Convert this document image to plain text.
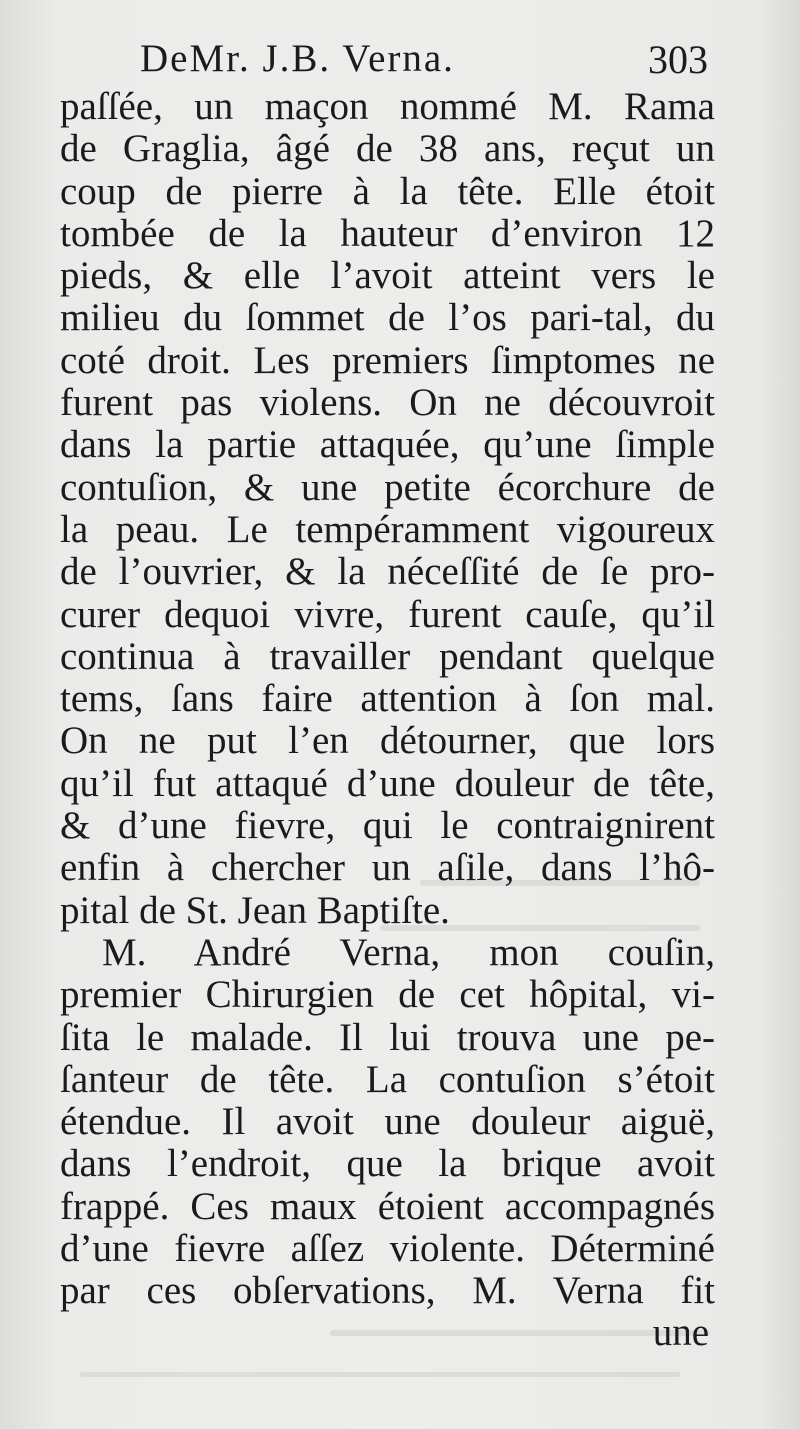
DeMr. J.B. Verna.	303
paſſée, un maçon nommé M. Rama
de Graglia, âgé de 38 ans, reçut un
coup de pierre à la tête. Elle étoit
tombée de la hauteur d’environ 12
pieds, & elle l’avoit atteint vers le
milieu du ſommet de l’os pari-tal, du
coté droit. Les premiers ſimptomes ne
furent pas violens. On ne découvroit
dans la partie attaquée, qu’une ſimple
contuſion, & une petite écorchure de
la peau. Le tempéramment vigoureux
de l’ouvrier, & la néceſſité de ſe pro-
curer dequoi vivre, furent cauſe, qu’il
continua à travailler pendant quelque
tems, ſans faire attention à ſon mal.
On ne put l’en détourner, que lors
qu’il fut attaqué d’une douleur de tête,
& d’une fievre, qui le contraignirent
enfin à chercher un aſile, dans l’hô-
pital de St. Jean Baptiſte.
M. André Verna, mon couſin,
premier Chirurgien de cet hôpital, vi-
ſita le malade. Il lui trouva une pe-
ſanteur de tête. La contuſion s’étoit
étendue. Il avoit une douleur aiguë,
dans l’endroit, que la brique avoit
frappé. Ces maux étoient accompagnés
d’une fievre aſſez violente. Déterminé
par ces obſervations, M. Verna fit
une
